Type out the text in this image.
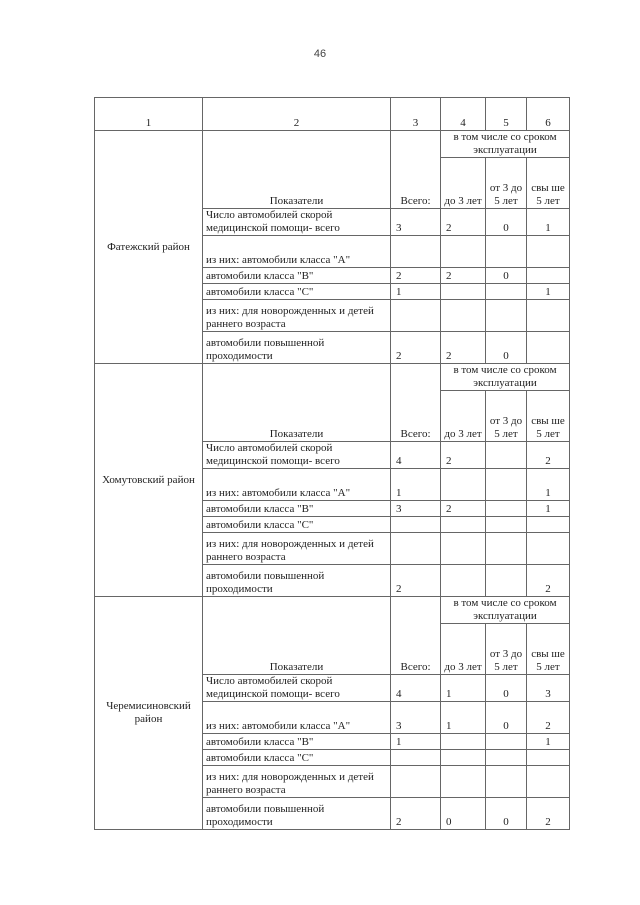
46
1	2	3	4	5	6
Фатежский район	Показатели	Всего:	в том числе со сроком эксплуатации		
			до 3 лет	от 3 до 5 лет	свы ше 5 лет
	Число автомобилей скорой медицинской помощи- всего	3	2	0	1
	из них: автомобили класса "А"				
	автомобили класса "В"	2	2	0	
	автомобили класса "С"	1			1
	из них: для новорожденных и детей раннего возраста				
	автомобили повышенной проходимости	2	2	0	
Хомутовский район	Показатели	Всего:	в том числе со сроком эксплуатации		
			до 3 лет	от 3 до 5 лет	свы ше 5 лет
	Число автомобилей скорой медицинской помощи- всего	4	2		2
	из них: автомобили класса "А"	1			1
	автомобили класса "В"	3	2		1
	автомобили класса "С"				
	из них: для новорожденных и детей раннего возраста				
	автомобили повышенной проходимости	2			2
Черемисиновский район	Показатели	Всего:	в том числе со сроком эксплуатации		
			до 3 лет	от 3 до 5 лет	свы ше 5 лет
	Число автомобилей скорой медицинской помощи- всего	4	1	0	3
	из них: автомобили класса "А"	3	1	0	2
	автомобили класса "В"	1			1
	автомобили класса "С"				
	из них: для новорожденных и детей раннего возраста				
	автомобили повышенной проходимости	2	0	0	2
